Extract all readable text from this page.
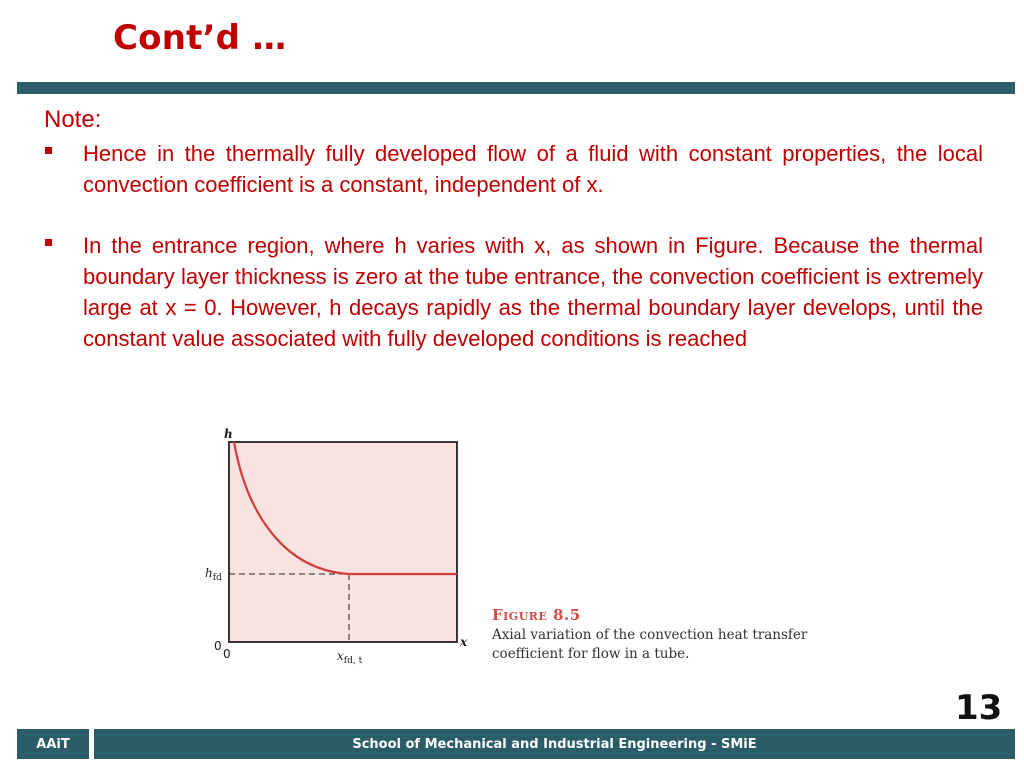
Cont’d …
Note:
Hence in the thermally fully developed flow of a fluid with constant properties, the local convection coefficient is a constant, independent of x.
In the entrance region, where h varies with x, as shown in Figure. Because the thermal boundary layer thickness is zero at the tube entrance, the convection coefficient is extremely large at x = 0. However, h decays rapidly as the thermal boundary layer develops, until the constant value associated with fully developed conditions is reached
h
x
0
0
$h_{fd}$
$x_{fd, t}$
Figure 8.5
Axial variation of the convection heat transfer coefficient for flow in a tube.
13
AAiT	School of Mechanical and Industrial Engineering - SMiE
